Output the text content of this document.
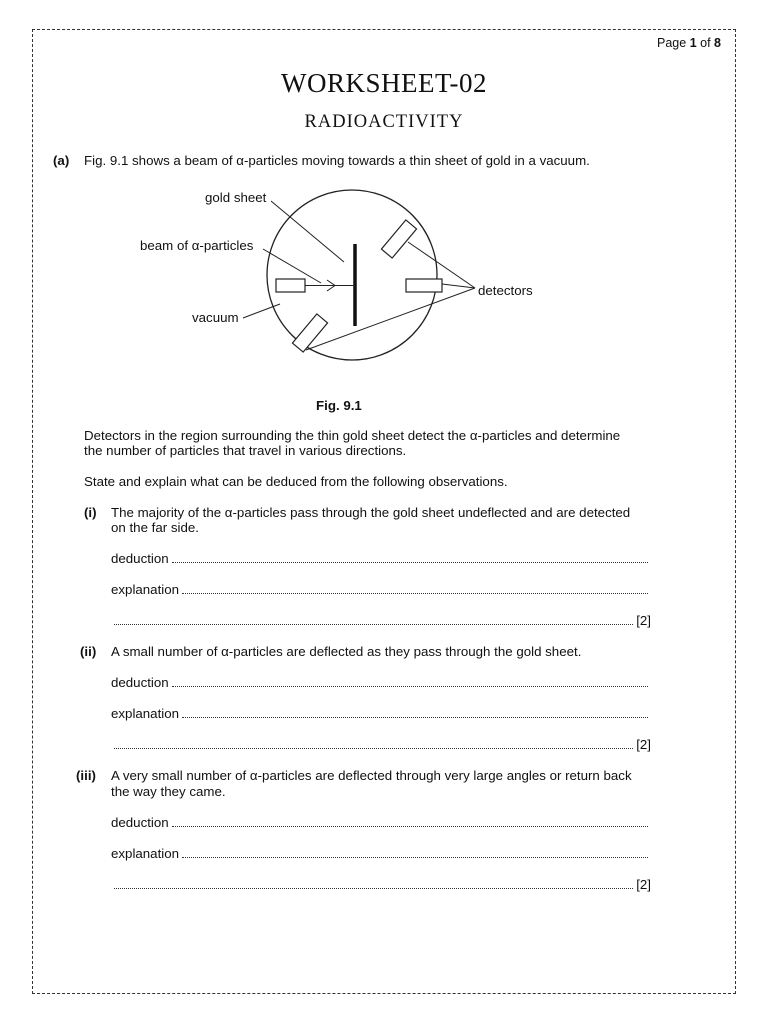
Page 1 of 8
WORKSHEET-02
RADIOACTIVITY
(a) Fig. 9.1 shows a beam of α-particles moving towards a thin sheet of gold in a vacuum.
gold sheet
beam of α-particles
vacuum
detectors
Fig. 9.1
Detectors in the region surrounding the thin gold sheet detect the α-particles and determine
the number of particles that travel in various directions.
State and explain what can be deduced from the following observations.
(i) The majority of the α-particles pass through the gold sheet undeflected and are detected
on the far side.
deduction
explanation
[2]
(ii) A small number of α-particles are deflected as they pass through the gold sheet.
deduction
explanation
[2]
(iii) A very small number of α-particles are deflected through very large angles or return back
the way they came.
deduction
explanation
[2]
